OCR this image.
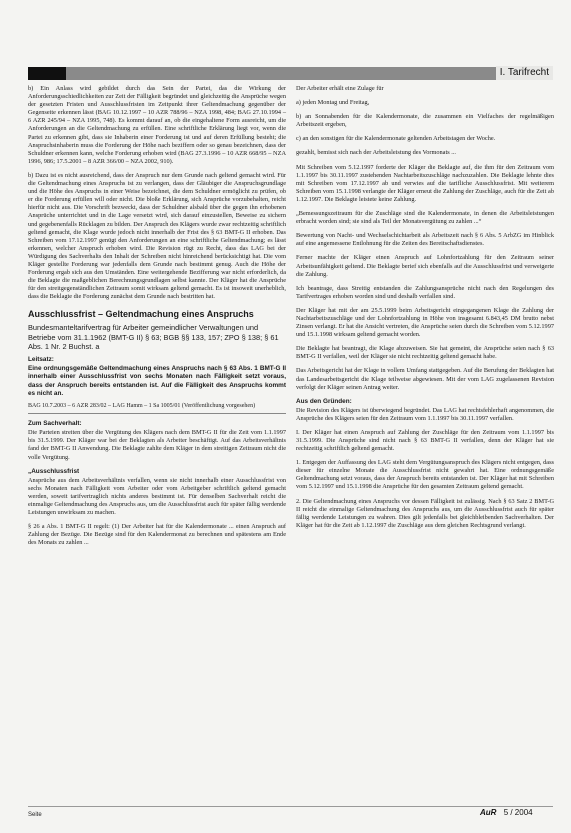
I. Tarifrecht

b) Ein Anlass wird gebildet durch das Sein der Partei, das die Wirkung der Anforderungsschiedlichkeiten zur Zeit der Fälligkeit begründet und gleichzeitig die Ansprüche wegen der gesetzten Fristen und Ausschlussfristen im Zeitpunkt ihrer Geltendmachung gegenüber der Gegenseite erkennen lässt (BAG 10.12.1997 – 10 AZR 788/96 – NZA 1998, 484; BAG 27.10.1994 – 6 AZR 245/94 – NZA 1995, 748). Es kommt darauf an, ob die eingehaltene Form ausreicht, um die Anforderungen an die Geltendmachung zu erfüllen. Eine schriftliche Erklärung liegt vor, wenn die Partei zu erkennen gibt, dass sie Inhaberin einer Forderung ist und auf deren Erfüllung besteht; die Anspruchsinhaberin muss die Forderung der Höhe nach beziffern oder so genau bezeichnen, dass der Schuldner erkennen kann, welche Forderung erhoben wird (BAG 27.3.1996 – 10 AZR 668/95 – NZA 1996, 986; 17.5.2001 – 8 AZR 366/00 – NZA 2002, 910).

b) Dazu ist es nicht ausreichend, dass der Anspruch nur dem Grunde nach geltend gemacht wird. Für die Geltendmachung eines Anspruchs ist zu verlangen, dass der Gläubiger die Anspruchsgrundlage und die Höhe des Anspruchs in einer Weise bezeichnet, die dem Schuldner ermöglicht zu prüfen, ob er die Forderung erfüllen will oder nicht. Die bloße Erklärung, sich Ansprüche vorzubehalten, reicht hierfür nicht aus. Die Vorschrift bezweckt, dass der Schuldner alsbald über die gegen ihn erhobenen Ansprüche unterrichtet und in die Lage versetzt wird, sich darauf einzustellen, Beweise zu sichern und gegebenenfalls Rücklagen zu bilden. Der Anspruch des Klägers wurde zwar rechtzeitig schriftlich geltend gemacht, die Klage wurde jedoch nicht innerhalb der Frist des § 63 BMT-G II erhoben. Das Schreiben vom 17.12.1997 genügt den Anforderungen an eine schriftliche Geltendmachung; es lässt erkennen, welcher Anspruch erhoben wird. Die Revision rügt zu Recht, dass das LAG bei der Würdigung des Sachverhalts den Inhalt der Schreiben nicht hinreichend berücksichtigt hat. Die vom Kläger gestellte Forderung war jedenfalls dem Grunde nach bestimmt genug. Auch die Höhe der Forderung ergab sich aus den Umständen. Eine weitergehende Bezifferung war nicht erforderlich, da die Beklagte die maßgeblichen Berechnungsgrundlagen selbst kannte. Der Kläger hat die Ansprüche für den streitgegenständlichen Zeitraum somit wirksam geltend gemacht. Es ist insoweit unerheblich, dass die Beklagte die Forderung zunächst dem Grunde nach bestritten hat.

Ausschlussfrist – Geltendmachung eines Anspruchs
Bundesmanteltarifvertrag für Arbeiter gemeindlicher Verwaltungen und Betriebe vom 31.1.1962 (BMT-G II) § 63; BGB §§ 133, 157; ZPO § 138; § 61 Abs. 1 Nr. 2 Buchst. a
Leitsatz:
Eine ordnungsgemäße Geltendmachung eines Anspruchs nach § 63 Abs. 1 BMT-G II innerhalb einer Ausschlussfrist von sechs Monaten nach Fälligkeit setzt voraus, dass der Anspruch bereits entstanden ist. Auf die Fälligkeit des Anspruchs kommt es nicht an.
BAG 10.7.2003 – 6 AZR 283/02 – LAG Hamm – 1 Sa 1005/01 (Veröffentlichung vorgesehen)
Zum Sachverhalt:

Die Parteien streiten über die Vergütung des Klägers nach dem BMT-G II für die Zeit vom 1.1.1997 bis 31.5.1999. Der Kläger war bei der Beklagten als Arbeiter beschäftigt. Auf das Arbeitsverhältnis fand der BMT-G II Anwendung. Die Beklagte zahlte dem Kläger in dem streitigen Zeitraum nicht die volle Vergütung.

„Ausschlussfrist

Ansprüche aus dem Arbeitsverhältnis verfallen, wenn sie nicht innerhalb einer Ausschlussfrist von sechs Monaten nach Fälligkeit vom Arbeiter oder vom Arbeitgeber schriftlich geltend gemacht werden, soweit tarifvertraglich nichts anderes bestimmt ist. Für denselben Sachverhalt reicht die einmalige Geltendmachung des Anspruchs aus, um die Ausschlussfrist auch für später fällig werdende Leistungen unwirksam zu machen.

§ 26 a Abs. 1 BMT-G II regelt: (1) Der Arbeiter hat für die Kalendermonate ... einen Anspruch auf Zahlung der Bezüge. Die Bezüge sind für den Kalendermonat zu berechnen und spätestens am Ende des Monats zu zahlen ...

Der Arbeiter erhält eine Zulage für

a) jeden Montag und Freitag,

b) an Sonnabenden für die Kalendermonate, die zusammen ein Vielfaches der regelmäßigen Arbeitszeit ergeben,

c) an den sonstigen für die Kalendermonate geltenden Arbeitstagen der Woche.

gezahlt, bemisst sich nach der Arbeitsleistung des Vormonats ...

Mit Schreiben vom 5.12.1997 forderte der Kläger die Beklagte auf, die ihm für den Zeitraum vom 1.1.1997 bis 30.11.1997 zustehenden Nachtarbeitszuschläge nachzuzahlen. Die Beklagte lehnte dies mit Schreiben vom 17.12.1997 ab und verwies auf die tarifliche Ausschlussfrist. Mit weiterem Schreiben vom 15.1.1998 verlangte der Kläger erneut die Zahlung der Zuschläge, auch für die Zeit ab 1.12.1997. Die Beklagte leistete keine Zahlung.

„Bemessungszeitraum für die Zuschläge sind die Kalendermonate, in denen die Arbeitsleistungen erbracht worden sind; sie sind als Teil der Monatsvergütung zu zahlen ...“

Bewertung von Nacht- und Wechselschichtarbeit als Arbeitszeit nach § 6 Abs. 5 ArbZG im Hinblick auf eine angemessene Entlohnung für die Zeiten des Bereitschaftsdienstes.

Ferner machte der Kläger einen Anspruch auf Lohnfortzahlung für den Zeitraum seiner Arbeitsunfähigkeit geltend. Die Beklagte berief sich ebenfalls auf die Ausschlussfrist und verweigerte die Zahlung.

Ich beantrage, dass Streitig entstanden die Zahlungsansprüche nicht nach den Regelungen des Tarifvertrages erhoben worden sind und deshalb verfallen sind.

Der Kläger hat mit der am 25.5.1999 beim Arbeitsgericht eingegangenen Klage die Zahlung der Nachtarbeitszuschläge und der Lohnfortzahlung in Höhe von insgesamt 6.843,45 DM brutto nebst Zinsen verlangt. Er hat die Ansicht vertreten, die Ansprüche seien durch die Schreiben vom 5.12.1997 und 15.1.1998 wirksam geltend gemacht worden.

Die Beklagte hat beantragt, die Klage abzuweisen. Sie hat gemeint, die Ansprüche seien nach § 63 BMT-G II verfallen, weil der Kläger sie nicht rechtzeitig geltend gemacht habe.

Das Arbeitsgericht hat der Klage in vollem Umfang stattgegeben. Auf die Berufung der Beklagten hat das Landesarbeitsgericht die Klage teilweise abgewiesen. Mit der vom LAG zugelassenen Revision verfolgt der Kläger seinen Antrag weiter.

Aus den Gründen:

Die Revision des Klägers ist überwiegend begründet. Das LAG hat rechtsfehlerhaft angenommen, die Ansprüche des Klägers seien für den Zeitraum vom 1.1.1997 bis 30.11.1997 verfallen.

I. Der Kläger hat einen Anspruch auf Zahlung der Zuschläge für den Zeitraum vom 1.1.1997 bis 31.5.1999. Die Ansprüche sind nicht nach § 63 BMT-G II verfallen, denn der Kläger hat sie rechtzeitig schriftlich geltend gemacht.

1. Entgegen der Auffassung des LAG steht dem Vergütungsanspruch des Klägers nicht entgegen, dass dieser für einzelne Monate die Ausschlussfrist nicht gewahrt hat. Eine ordnungsgemäße Geltendmachung setzt voraus, dass der Anspruch bereits entstanden ist. Der Kläger hat mit Schreiben vom 5.12.1997 und 15.1.1998 die Ansprüche für den gesamten Zeitraum geltend gemacht.

2. Die Geltendmachung eines Anspruchs vor dessen Fälligkeit ist zulässig. Nach § 63 Satz 2 BMT-G II reicht die einmalige Geltendmachung des Anspruchs aus, um die Ausschlussfrist auch für später fällig werdende Leistungen zu wahren. Dies gilt jedenfalls bei gleichbleibenden Sachverhalten. Der Kläger hat für die Zeit ab 1.12.1997 die Zuschläge aus dem gleichen Rechtsgrund verlangt.

Seite	AuR 5 / 2004
